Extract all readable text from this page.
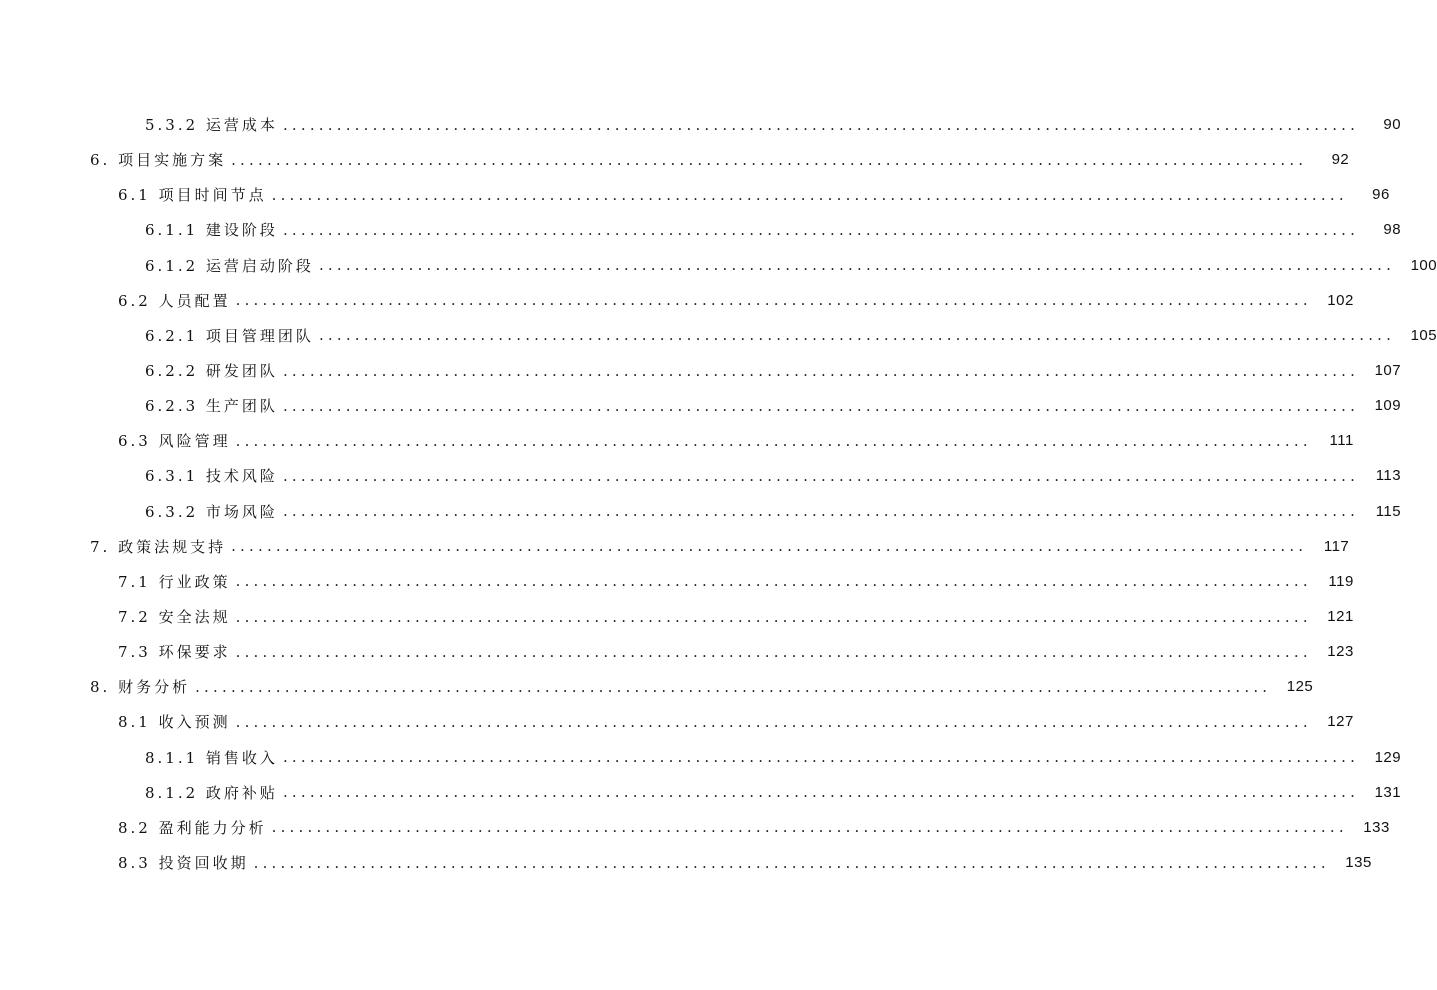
5.3.2 运营成本 ........................................................................................................................	90
6. 项目实施方案 ........................................................................................................................	92
6.1 项目时间节点 ........................................................................................................................	96
6.1.1 建设阶段 ........................................................................................................................	98
6.1.2 运营启动阶段 ........................................................................................................................	100
6.2 人员配置 ........................................................................................................................	102
6.2.1 项目管理团队 ........................................................................................................................	105
6.2.2 研发团队 ........................................................................................................................	107
6.2.3 生产团队 ........................................................................................................................	109
6.3 风险管理 ........................................................................................................................	111
6.3.1 技术风险 ........................................................................................................................	113
6.3.2 市场风险 ........................................................................................................................	115
7. 政策法规支持 ........................................................................................................................	117
7.1 行业政策 ........................................................................................................................	119
7.2 安全法规 ........................................................................................................................	121
7.3 环保要求 ........................................................................................................................	123
8. 财务分析 ........................................................................................................................	125
8.1 收入预测 ........................................................................................................................	127
8.1.1 销售收入 ........................................................................................................................	129
8.1.2 政府补贴 ........................................................................................................................	131
8.2 盈利能力分析 ........................................................................................................................	133
8.3 投资回收期 ........................................................................................................................	135
